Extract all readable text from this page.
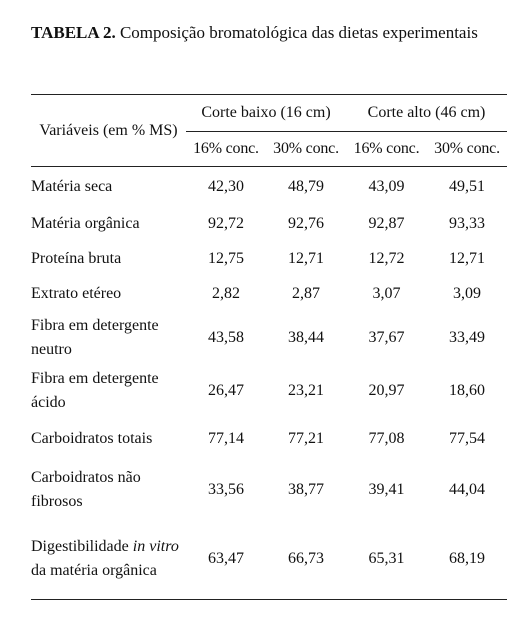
TABELA 2. Composição bromatológica das dietas experimentais
Variáveis (em % MS)	Corte baixo (16 cm)		Corte alto (46 cm)	
	16% conc.	30% conc.	16% conc.	30% conc.
Matéria seca	42,30	48,79	43,09	49,51
Matéria orgânica	92,72	92,76	92,87	93,33
Proteína bruta	12,75	12,71	12,72	12,71
Extrato etéreo	2,82	2,87	3,07	3,09
Fibra em detergente neutro	43,58	38,44	37,67	33,49
Fibra em detergente ácido	26,47	23,21	20,97	18,60
Carboidratos totais	77,14	77,21	77,08	77,54
Carboidratos não fibrosos	33,56	38,77	39,41	44,04
Digestibilidade in vitro da matéria orgânica	63,47	66,73	65,31	68,19
